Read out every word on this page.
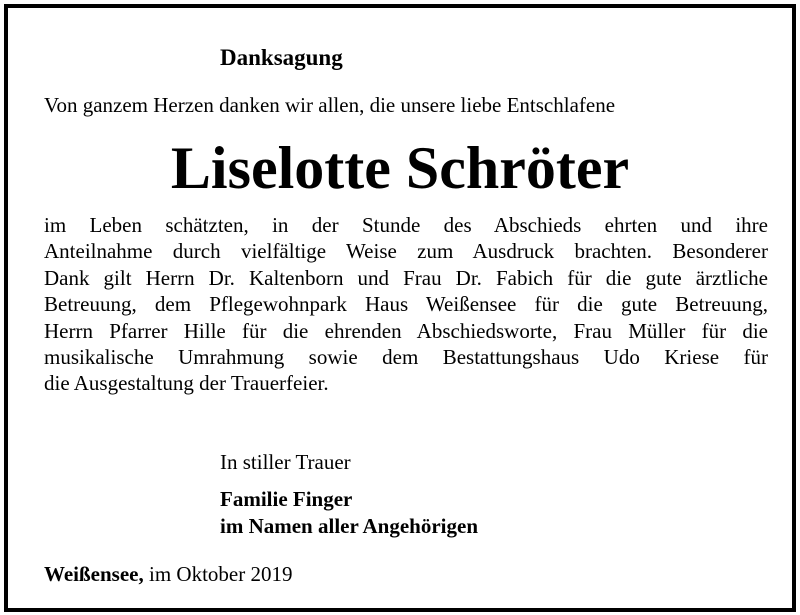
Danksagung
Von ganzem Herzen danken wir allen, die unsere liebe Entschlafene
Liselotte Schröter
im Leben schätzten, in der Stunde des Abschieds ehrten und ihre
Anteilnahme durch vielfältige Weise zum Ausdruck brachten. Besonderer
Dank gilt Herrn Dr. Kaltenborn und Frau Dr. Fabich für die gute ärztliche
Betreuung, dem Pflegewohnpark Haus Weißensee für die gute Betreuung,
Herrn Pfarrer Hille für die ehrenden Abschiedsworte, Frau Müller für die
musikalische Umrahmung sowie dem Bestattungshaus Udo Kriese für
die Ausgestaltung der Trauerfeier.
In stiller Trauer
Familie Finger
im Namen aller Angehörigen
Weißensee, im Oktober 2019
